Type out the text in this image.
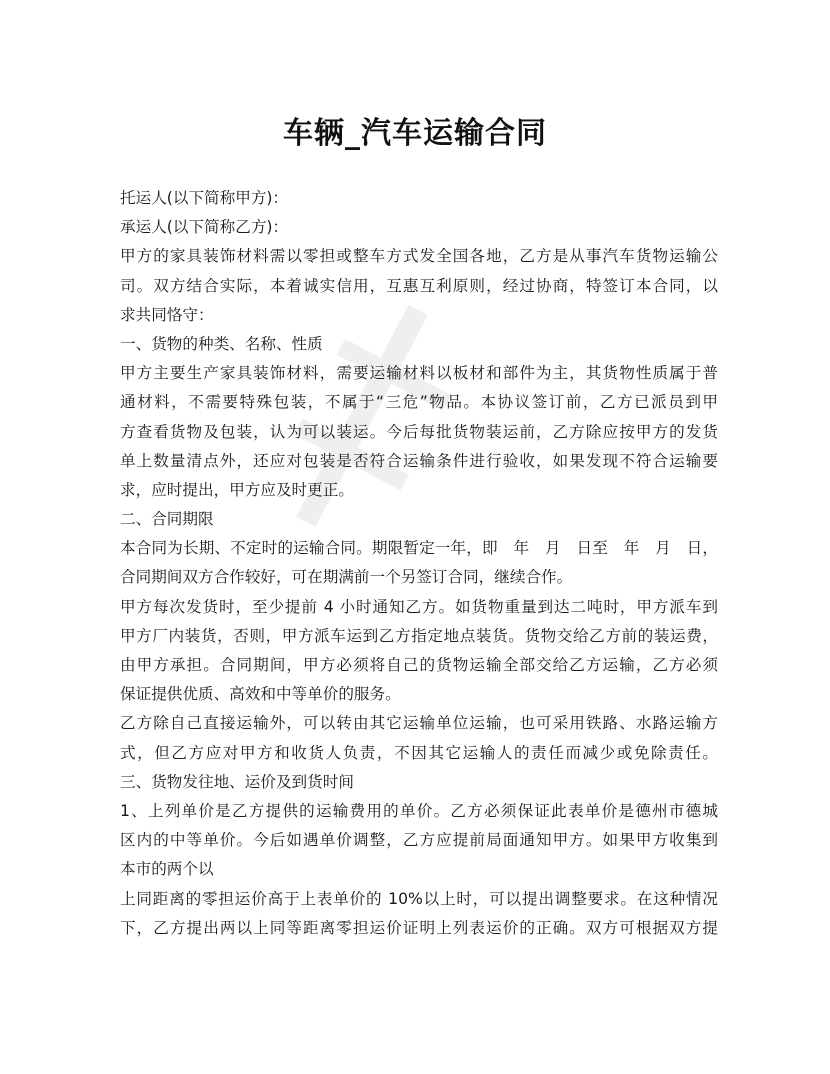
车辆_汽车运输合同
托运人(以下简称甲方)：
承运人(以下简称乙方)：
甲方的家具装饰材料需以零担或整车方式发全国各地，乙方是从事汽车货物运输公
司。双方结合实际，本着诚实信用，互惠互利原则，经过协商，特签订本合同，以
求共同恪守：
一、货物的种类、名称、性质
甲方主要生产家具装饰材料，需要运输材料以板材和部件为主，其货物性质属于普
通材料，不需要特殊包装，不属于“三危”物品。本协议签订前，乙方已派员到甲
方查看货物及包装，认为可以装运。今后每批货物装运前，乙方除应按甲方的发货
单上数量清点外，还应对包装是否符合运输条件进行验收，如果发现不符合运输要
求，应时提出，甲方应及时更正。
二、合同期限
本合同为长期、不定时的运输合同。期限暂定一年，即　年　月　日至　年　月　日，
合同期间双方合作较好，可在期满前一个另签订合同，继续合作。
甲方每次发货时，至少提前 4 小时通知乙方。如货物重量到达二吨时，甲方派车到
甲方厂内装货，否则，甲方派车运到乙方指定地点装货。货物交给乙方前的装运费，
由甲方承担。合同期间，甲方必须将自己的货物运输全部交给乙方运输，乙方必须
保证提供优质、高效和中等单价的服务。
乙方除自己直接运输外，可以转由其它运输单位运输，也可采用铁路、水路运输方
式，但乙方应对甲方和收货人负责，不因其它运输人的责任而减少或免除责任。
三、货物发往地、运价及到货时间
1、上列单价是乙方提供的运输费用的单价。乙方必须保证此表单价是德州市德城
区内的中等单价。今后如遇单价调整，乙方应提前局面通知甲方。如果甲方收集到
本市的两个以
上同距离的零担运价高于上表单价的 10%以上时，可以提出调整要求。在这种情况
下，乙方提出两以上同等距离零担运价证明上列表运价的正确。双方可根据双方提
